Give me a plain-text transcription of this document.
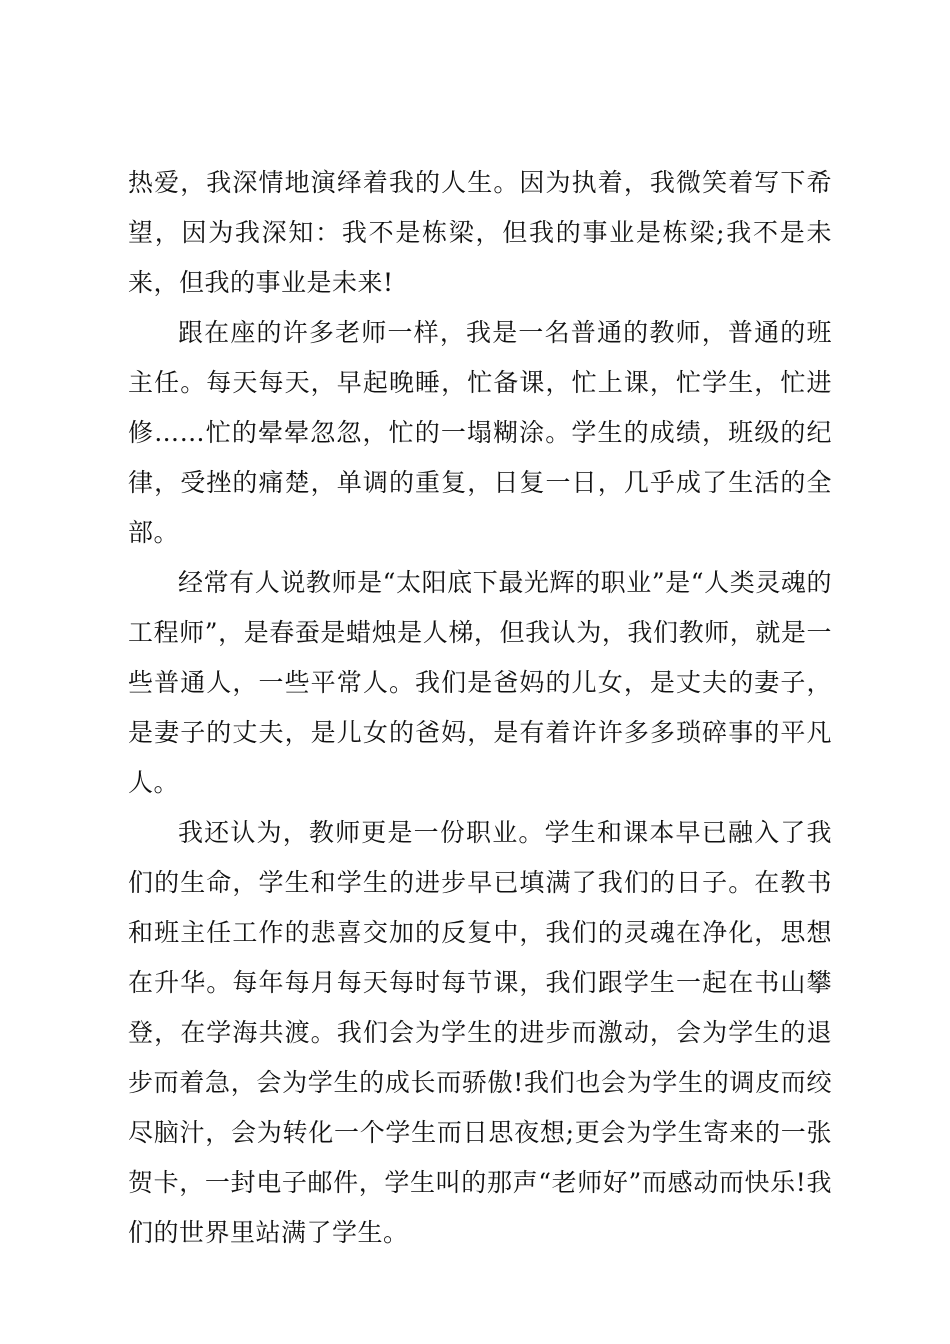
热爱，我深情地演绎着我的人生。因为执着，我微笑着写下希望，因为我深知：我不是栋梁，但我的事业是栋梁;我不是未来，但我的事业是未来!

跟在座的许多老师一样，我是一名普通的教师，普通的班主任。每天每天，早起晚睡，忙备课，忙上课，忙学生，忙进修……忙的晕晕忽忽，忙的一塌糊涂。学生的成绩，班级的纪律，受挫的痛楚，单调的重复，日复一日，几乎成了生活的全部。

经常有人说教师是“太阳底下最光辉的职业”是“人类灵魂的工程师”，是春蚕是蜡烛是人梯，但我认为，我们教师，就是一些普通人，一些平常人。我们是爸妈的儿女，是丈夫的妻子，是妻子的丈夫，是儿女的爸妈，是有着许许多多琐碎事的平凡人。

我还认为，教师更是一份职业。学生和课本早已融入了我们的生命，学生和学生的进步早已填满了我们的日子。在教书和班主任工作的悲喜交加的反复中，我们的灵魂在净化，思想在升华。每年每月每天每时每节课，我们跟学生一起在书山攀登，在学海共渡。我们会为学生的进步而激动，会为学生的退步而着急，会为学生的成长而骄傲!我们也会为学生的调皮而绞尽脑汁，会为转化一个学生而日思夜想;更会为学生寄来的一张贺卡，一封电子邮件，学生叫的那声“老师好”而感动而快乐!我们的世界里站满了学生。
